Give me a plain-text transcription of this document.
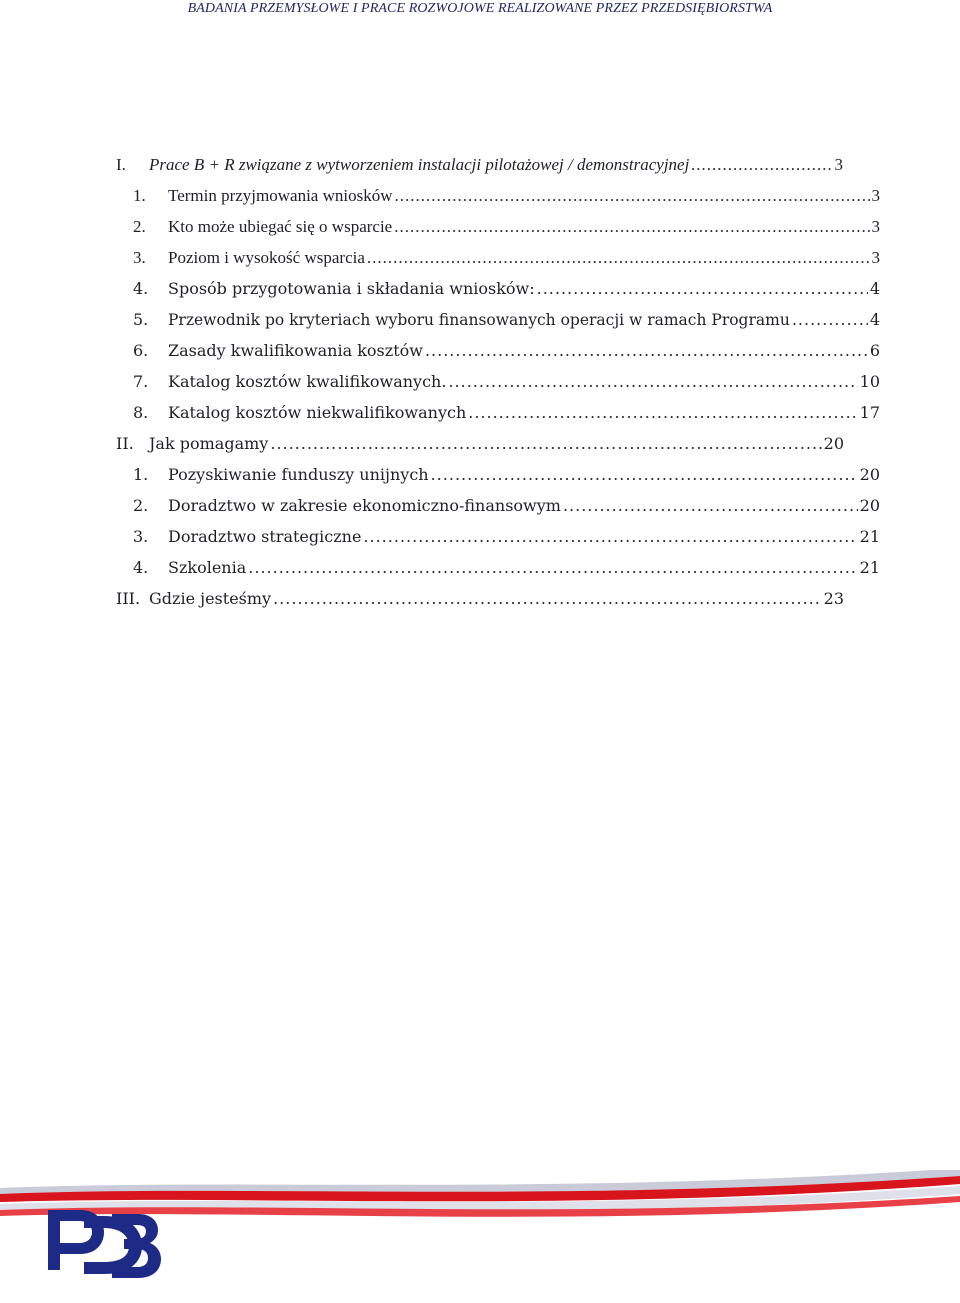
BADANIA PRZEMYSŁOWE I PRACE ROZWOJOWE REALIZOWANE PRZEZ PRZEDSIĘBIORSTWA
I.	Prace B + R związane z wytworzeniem instalacji pilotażowej / demonstracyjnej .....	3
1.	Termin przyjmowania wniosków .....	3
2.	Kto może ubiegać się o wsparcie .....	3
3.	Poziom i wysokość wsparcia .....	3
4.	Sposób przygotowania i składania wniosków: .....	4
5.	Przewodnik po kryteriach wyboru finansowanych operacji w ramach Programu .....	4
6.	Zasady kwalifikowania kosztów .....	6
7.	Katalog kosztów kwalifikowanych. .....	10
8.	Katalog kosztów niekwalifikowanych .....	17
II. Jak pomagamy .....	20
1.	Pozyskiwanie funduszy unijnych .....	20
2.	Doradztwo w zakresie ekonomiczno-finansowym .....	20
3.	Doradztwo strategiczne .....	21
4.	Szkolenia .....	21
III. Gdzie jesteśmy .....	23
